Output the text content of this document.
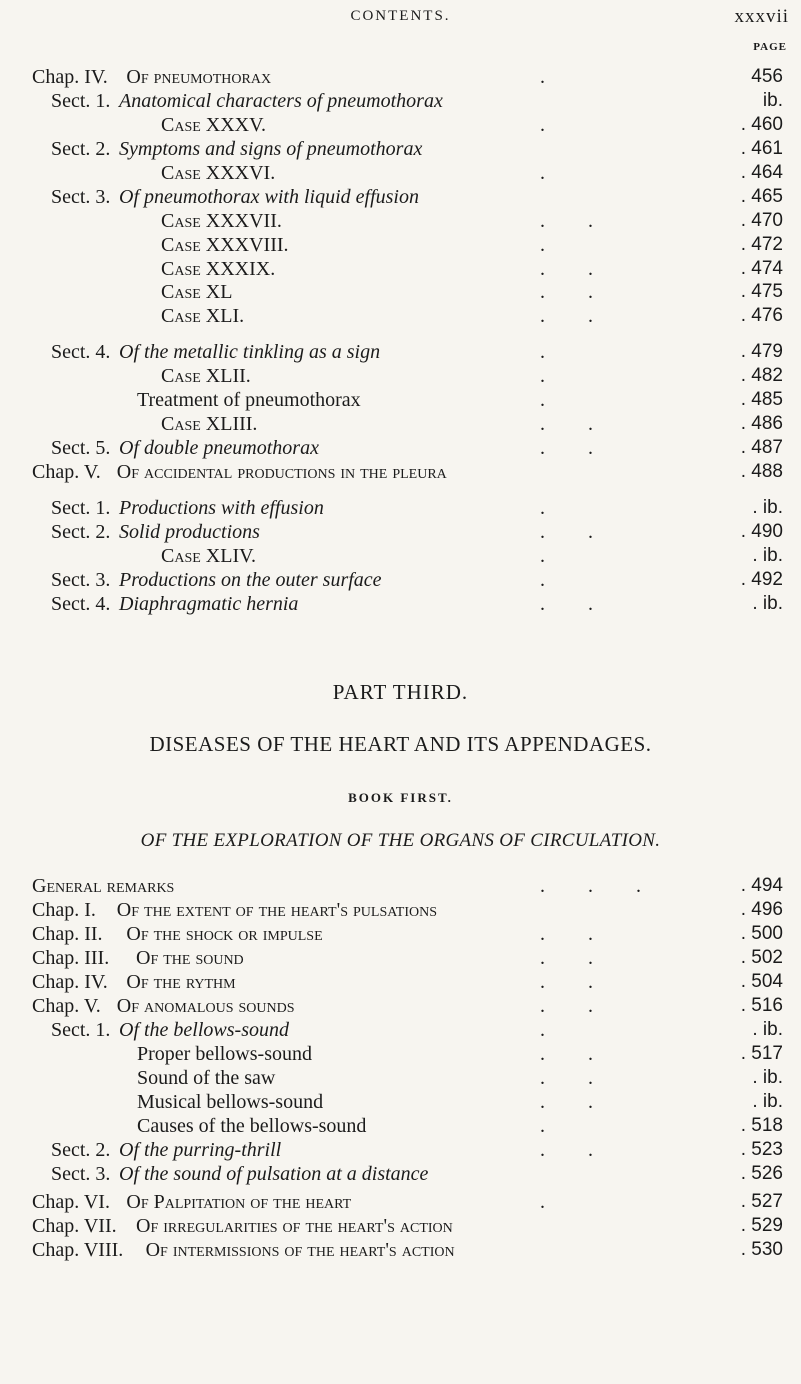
CONTENTS.	xxxvii
PAGE
Chap. IV. Of pneumothorax	.	456
Sect. 1. Anatomical characters of pneumothorax	ib.
Case XXXV.	.	. 460
Sect. 2. Symptoms and signs of pneumothorax	. 461
Case XXXVI.	.	. 464
Sect. 3. Of pneumothorax with liquid effusion	. 465
Case XXXVII.	. .	. 470
Case XXXVIII.	.	. 472
Case XXXIX.	. .	. 474
Case XL	. .	. 475
Case XLI.	. .	. 476
Sect. 4. Of the metallic tinkling as a sign	.	. 479
Case XLII.	.	. 482
Treatment of pneumothorax	.	. 485
Case XLIII.	. .	. 486
Sect. 5. Of double pneumothorax	. .	. 487
Chap. V. Of accidental productions in the pleura	. 488
Sect. 1. Productions with effusion	.	. ib.
Sect. 2. Solid productions	. .	. 490
Case XLIV.	.	. ib.
Sect. 3. Productions on the outer surface	.	. 492
Sect. 4. Diaphragmatic hernia	. .	. ib.
PART THIRD.
DISEASES OF THE HEART AND ITS APPENDAGES.
BOOK FIRST.
OF THE EXPLORATION OF THE ORGANS OF CIRCULATION.
General remarks	. . .	. 494
Chap. I. Of the extent of the heart's pulsations	. 496
Chap. II. Of the shock or impulse	. .	. 500
Chap. III. Of the sound	. .	. 502
Chap. IV. Of the rythm	. .	. 504
Chap. V. Of anomalous sounds	. .	. 516
Sect. 1. Of the bellows-sound	.	. ib.
Proper bellows-sound	. .	. 517
Sound of the saw	. .	. ib.
Musical bellows-sound	. .	. ib.
Causes of the bellows-sound	.	. 518
Sect. 2. Of the purring-thrill	. .	. 523
Sect. 3. Of the sound of pulsation at a distance	. 526
Chap. VI. Of Palpitation of the heart	.	. 527
Chap. VII. Of irregularities of the heart's action	. 529
Chap. VIII. Of intermissions of the heart's action	. 530
